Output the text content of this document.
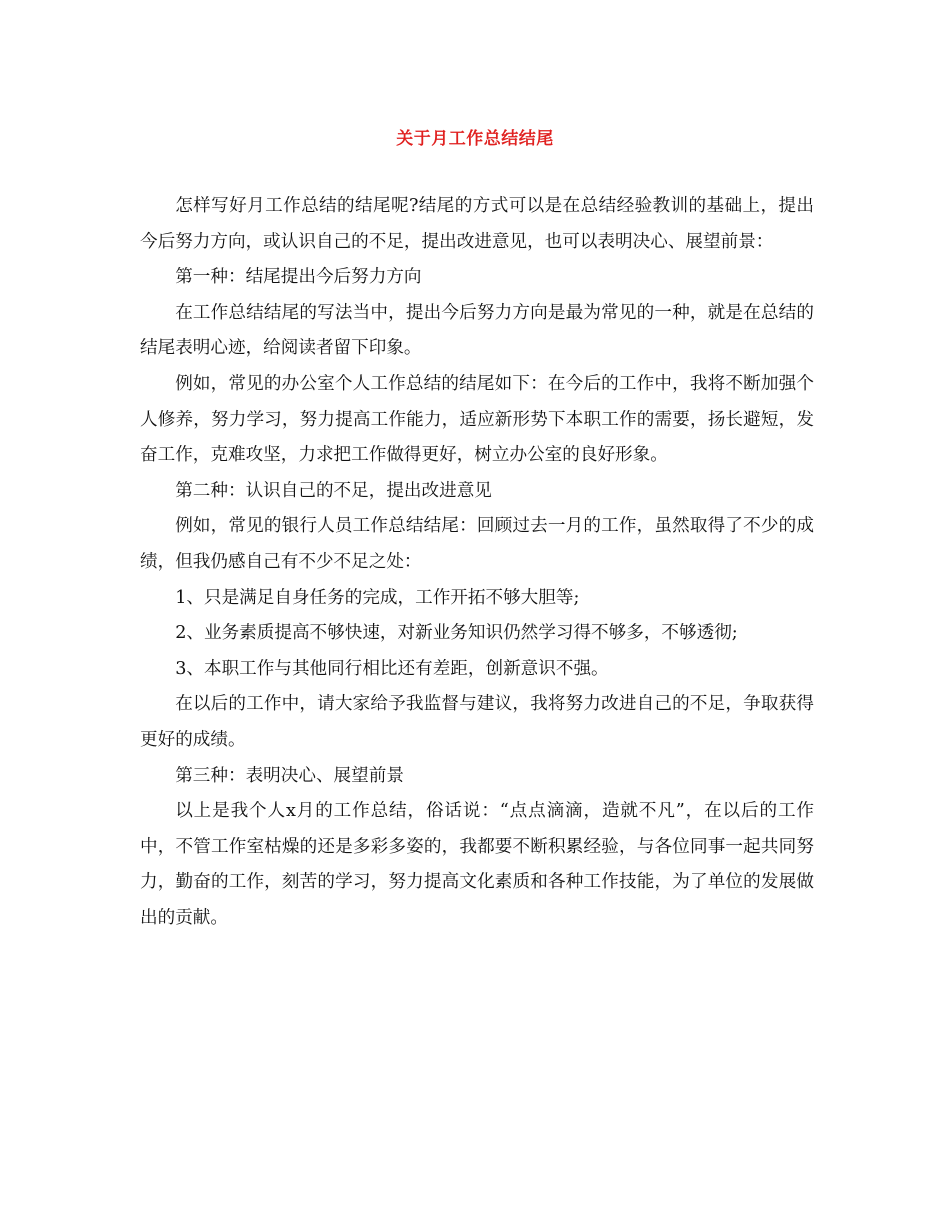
关于月工作总结结尾

怎样写好月工作总结的结尾呢?结尾的方式可以是在总结经验教训的基础上，提出今后努力方向，或认识自己的不足，提出改进意见，也可以表明决心、展望前景：

第一种：结尾提出今后努力方向

在工作总结结尾的写法当中，提出今后努力方向是最为常见的一种，就是在总结的结尾表明心迹，给阅读者留下印象。

例如，常见的办公室个人工作总结的结尾如下：在今后的工作中，我将不断加强个人修养，努力学习，努力提高工作能力，适应新形势下本职工作的需要，扬长避短，发奋工作，克难攻坚，力求把工作做得更好，树立办公室的良好形象。

第二种：认识自己的不足，提出改进意见

例如，常见的银行人员工作总结结尾：回顾过去一月的工作，虽然取得了不少的成绩，但我仍感自己有不少不足之处：

1、只是满足自身任务的完成，工作开拓不够大胆等;

2、业务素质提高不够快速，对新业务知识仍然学习得不够多，不够透彻;

3、本职工作与其他同行相比还有差距，创新意识不强。

在以后的工作中，请大家给予我监督与建议，我将努力改进自己的不足，争取获得更好的成绩。

第三种：表明决心、展望前景

以上是我个人x月的工作总结，俗话说：“点点滴滴，造就不凡”，在以后的工作中，不管工作室枯燥的还是多彩多姿的，我都要不断积累经验，与各位同事一起共同努力，勤奋的工作，刻苦的学习，努力提高文化素质和各种工作技能，为了单位的发展做出的贡献。
